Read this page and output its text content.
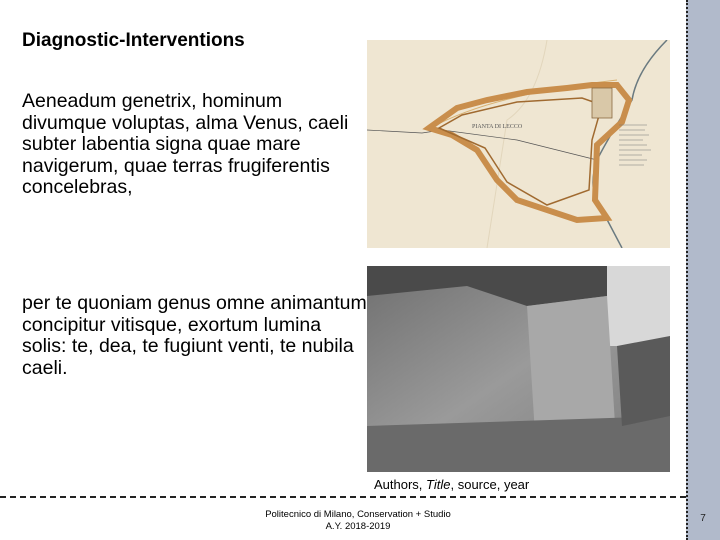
7
Diagnostic-Interventions
Aeneadum genetrix, hominum divumque voluptas, alma Venus, caeli subter labentia signa quae mare navigerum, quae terras frugiferentis concelebras,
per te quoniam genus omne animantum concipitur vitisque, exortum lumina solis: te, dea, te fugiunt venti, te nubila caeli.
PIANTA DI LECCO
Authors, Title, source, year
Politecnico di Milano, Conservation + Studio
A.Y. 2018-2019
